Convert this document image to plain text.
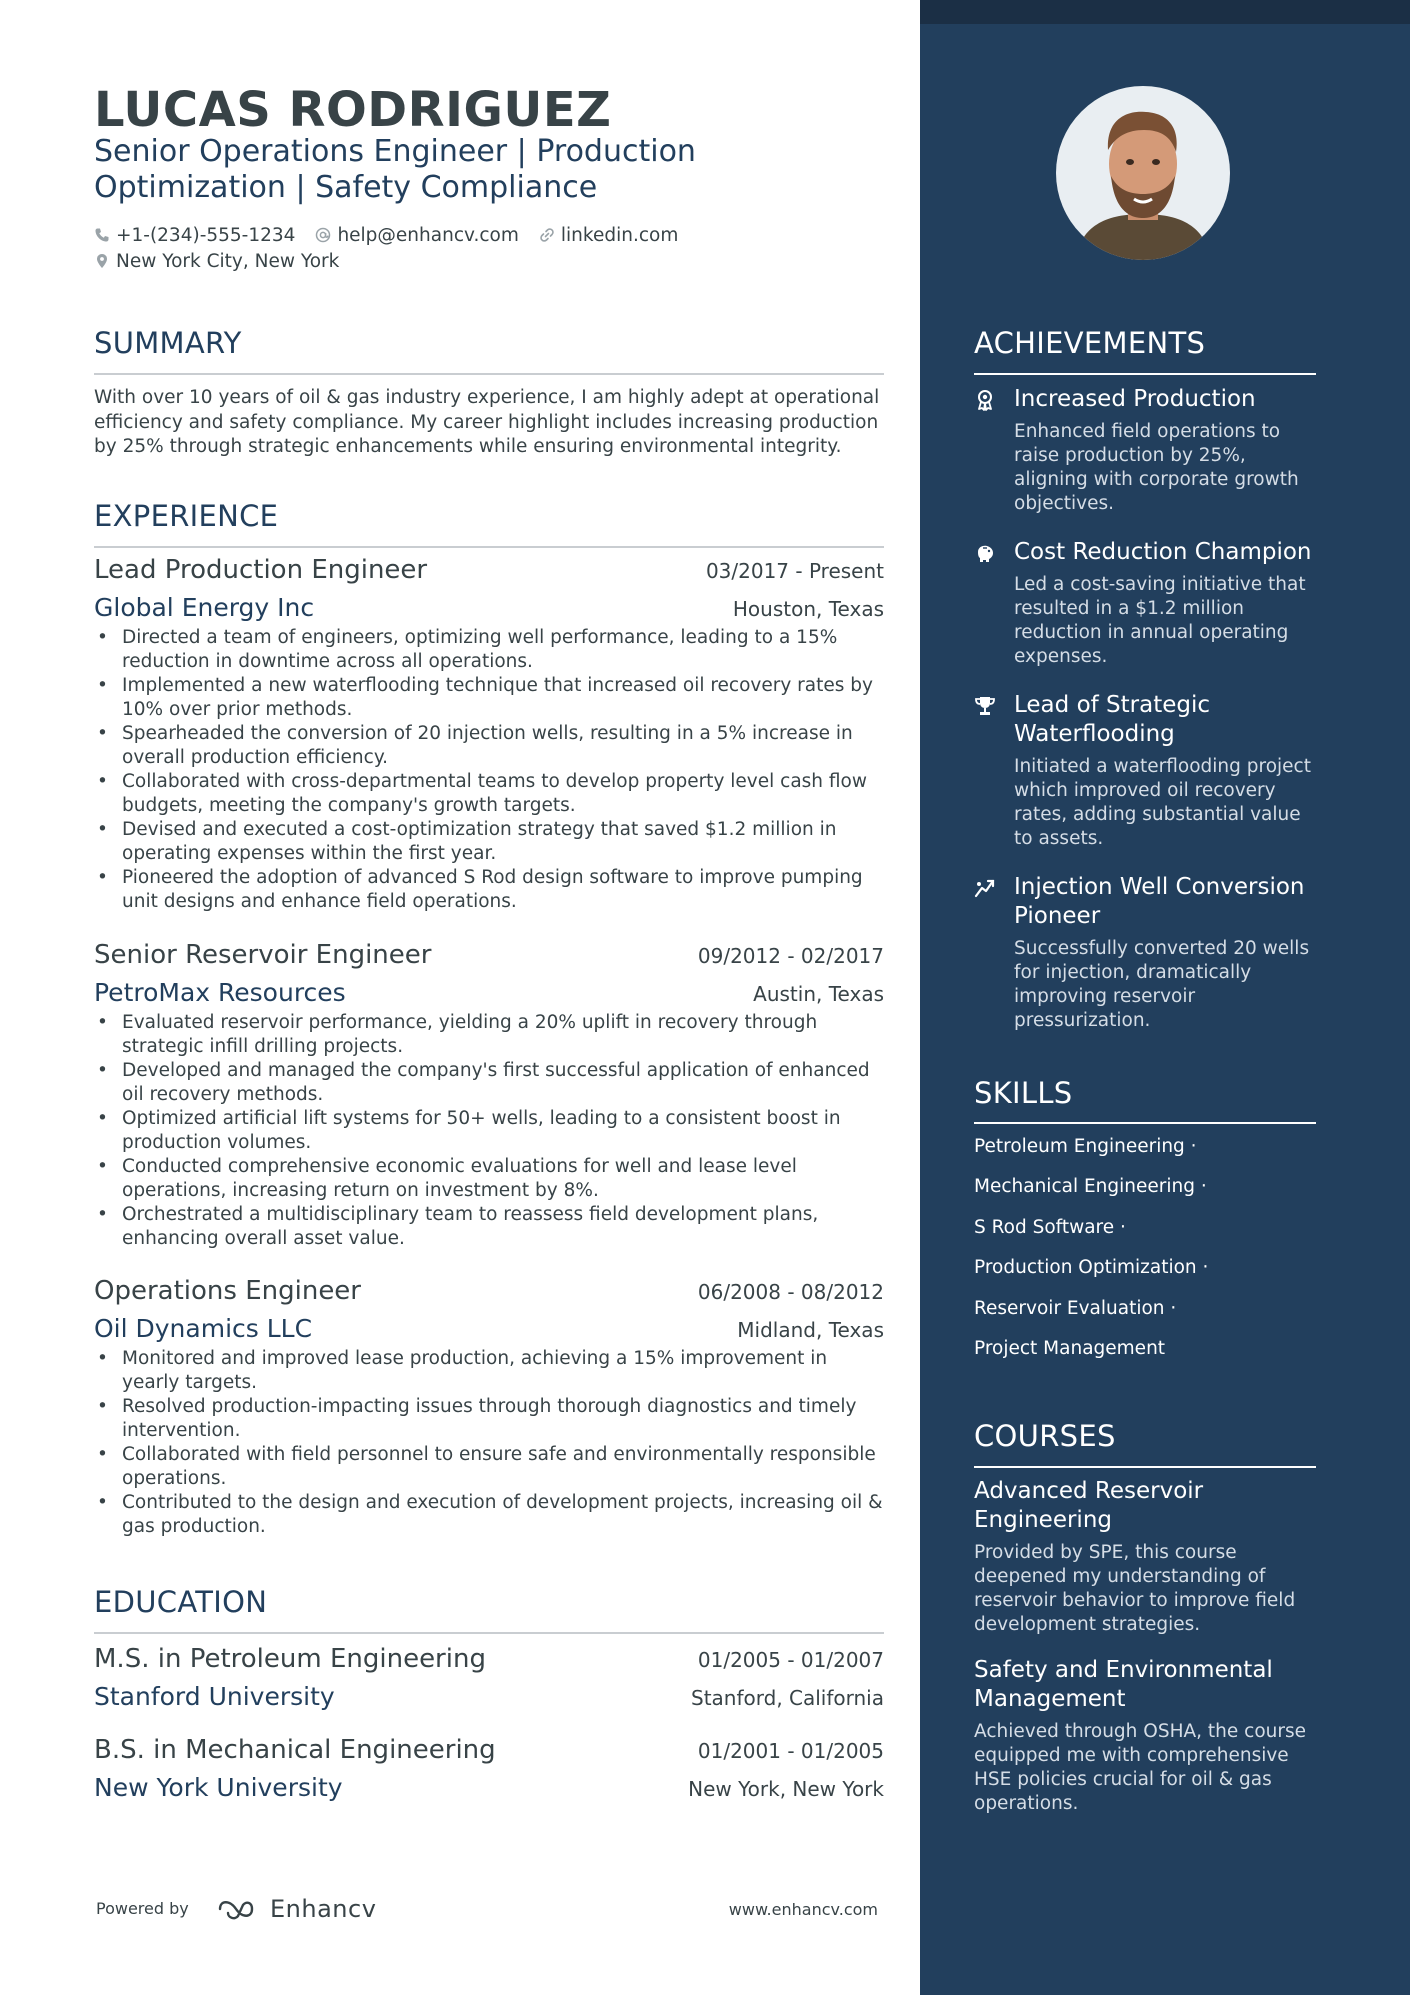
LUCAS RODRIGUEZ
Senior Operations Engineer | Production Optimization | Safety Compliance
+1-(234)-555-1234 help@enhancv.com linkedin.com
New York City, New York
SUMMARY
With over 10 years of oil & gas industry experience, I am highly adept at operational efficiency and safety compliance. My career highlight includes increasing production by 25% through strategic enhancements while ensuring environmental integrity.
EXPERIENCE
Lead Production Engineer	03/2017 - Present
Global Energy Inc	Houston, Texas
• Directed a team of engineers, optimizing well performance, leading to a 15% reduction in downtime across all operations.
• Implemented a new waterflooding technique that increased oil recovery rates by 10% over prior methods.
• Spearheaded the conversion of 20 injection wells, resulting in a 5% increase in overall production efficiency.
• Collaborated with cross-departmental teams to develop property level cash flow budgets, meeting the company's growth targets.
• Devised and executed a cost-optimization strategy that saved $1.2 million in operating expenses within the first year.
• Pioneered the adoption of advanced S Rod design software to improve pumping unit designs and enhance field operations.
Senior Reservoir Engineer	09/2012 - 02/2017
PetroMax Resources	Austin, Texas
• Evaluated reservoir performance, yielding a 20% uplift in recovery through strategic infill drilling projects.
• Developed and managed the company's first successful application of enhanced oil recovery methods.
• Optimized artificial lift systems for 50+ wells, leading to a consistent boost in production volumes.
• Conducted comprehensive economic evaluations for well and lease level operations, increasing return on investment by 8%.
• Orchestrated a multidisciplinary team to reassess field development plans, enhancing overall asset value.
Operations Engineer	06/2008 - 08/2012
Oil Dynamics LLC	Midland, Texas
• Monitored and improved lease production, achieving a 15% improvement in yearly targets.
• Resolved production-impacting issues through thorough diagnostics and timely intervention.
• Collaborated with field personnel to ensure safe and environmentally responsible operations.
• Contributed to the design and execution of development projects, increasing oil & gas production.
EDUCATION
M.S. in Petroleum Engineering	01/2005 - 01/2007
Stanford University	Stanford, California
B.S. in Mechanical Engineering	01/2001 - 01/2005
New York University	New York, New York
Powered by	Enhancv	www.enhancv.com
ACHIEVEMENTS
Increased Production
Enhanced field operations to raise production by 25%, aligning with corporate growth objectives.
Cost Reduction Champion
Led a cost-saving initiative that resulted in a $1.2 million reduction in annual operating expenses.
Lead of Strategic Waterflooding
Initiated a waterflooding project which improved oil recovery rates, adding substantial value to assets.
Injection Well Conversion Pioneer
Successfully converted 20 wells for injection, dramatically improving reservoir pressurization.
SKILLS
Petroleum Engineering ·
Mechanical Engineering ·
S Rod Software ·
Production Optimization ·
Reservoir Evaluation ·
Project Management
COURSES
Advanced Reservoir Engineering
Provided by SPE, this course deepened my understanding of reservoir behavior to improve field development strategies.
Safety and Environmental Management
Achieved through OSHA, the course equipped me with comprehensive HSE policies crucial for oil & gas operations.
